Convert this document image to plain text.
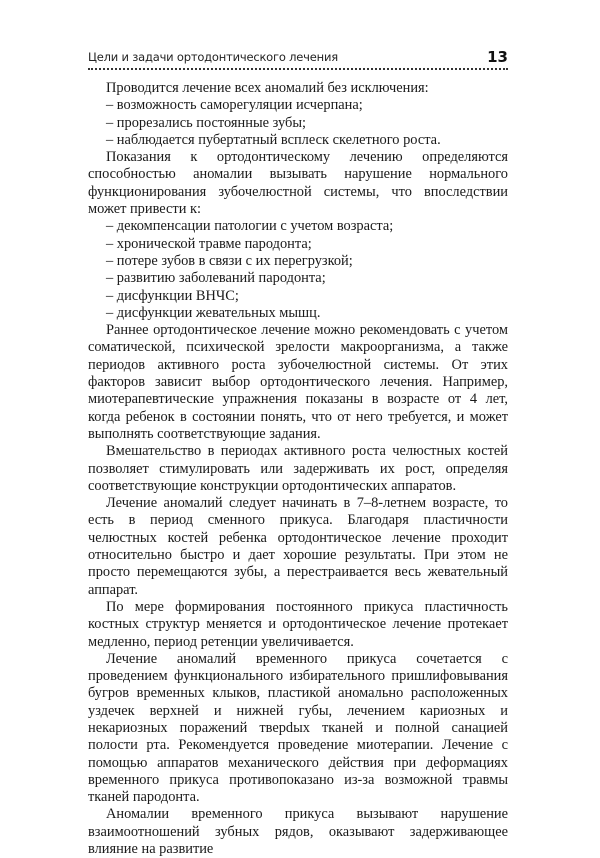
Цели и задачи ортодонтического лечения	13

Проводится лечение всех аномалий без исключения:

– возможность саморегуляции исчерпана;

– прорезались постоянные зубы;

– наблюдается пубертатный всплеск скелетного роста.

Показания к ортодонтическому лечению определяются способностью аномалии вызывать нарушение нормального функционирования зубочелюстной системы, что впоследствии может привести к:

– декомпенсации патологии с учетом возраста;

– хронической травме пародонта;

– потере зубов в связи с их перегрузкой;

– развитию заболеваний пародонта;

– дисфункции ВНЧС;

– дисфункции жевательных мышц.

Раннее ортодонтическое лечение можно рекомендовать с учетом соматической, психической зрелости макроорганизма, а также периодов активного роста зубочелюстной системы. От этих факторов зависит выбор ортодонтического лечения. Например, миотерапевтические упражнения показаны в возрасте от 4 лет, когда ребенок в состоянии понять, что от него требуется, и может выполнять соответствующие задания.

Вмешательство в периодах активного роста челюстных костей позволяет стимулировать или задерживать их рост, определяя соответствующие конструкции ортодонтических аппаратов.

Лечение аномалий следует начинать в 7–8-летнем возрасте, то есть в период сменного прикуса. Благодаря пластичности челюстных костей ребенка ортодонтическое лечение проходит относительно быстро и дает хорошие результаты. При этом не просто перемещаются зубы, а перестраивается весь жевательный аппарат.

По мере формирования постоянного прикуса пластичность костных структур меняется и ортодонтическое лечение протекает медленно, период ретенции увеличивается.

Лечение аномалий временного прикуса сочетается с проведением функционального избирательного пришлифовывания бугров временных клыков, пластикой аномально расположенных уздечек верхней и нижней губы, лечением кариозных и некариозных поражений тверdых тканей и полной санацией полости рта. Рекомендуется проведение миотерапии. Лечение с помощью аппаратов механического действия при деформациях временного прикуса противопоказано из-за возможной травмы тканей пародонта.

Аномалии временного прикуса вызывают нарушение взаимоотношений зубных рядов, оказывают задерживающее влияние на развитие
